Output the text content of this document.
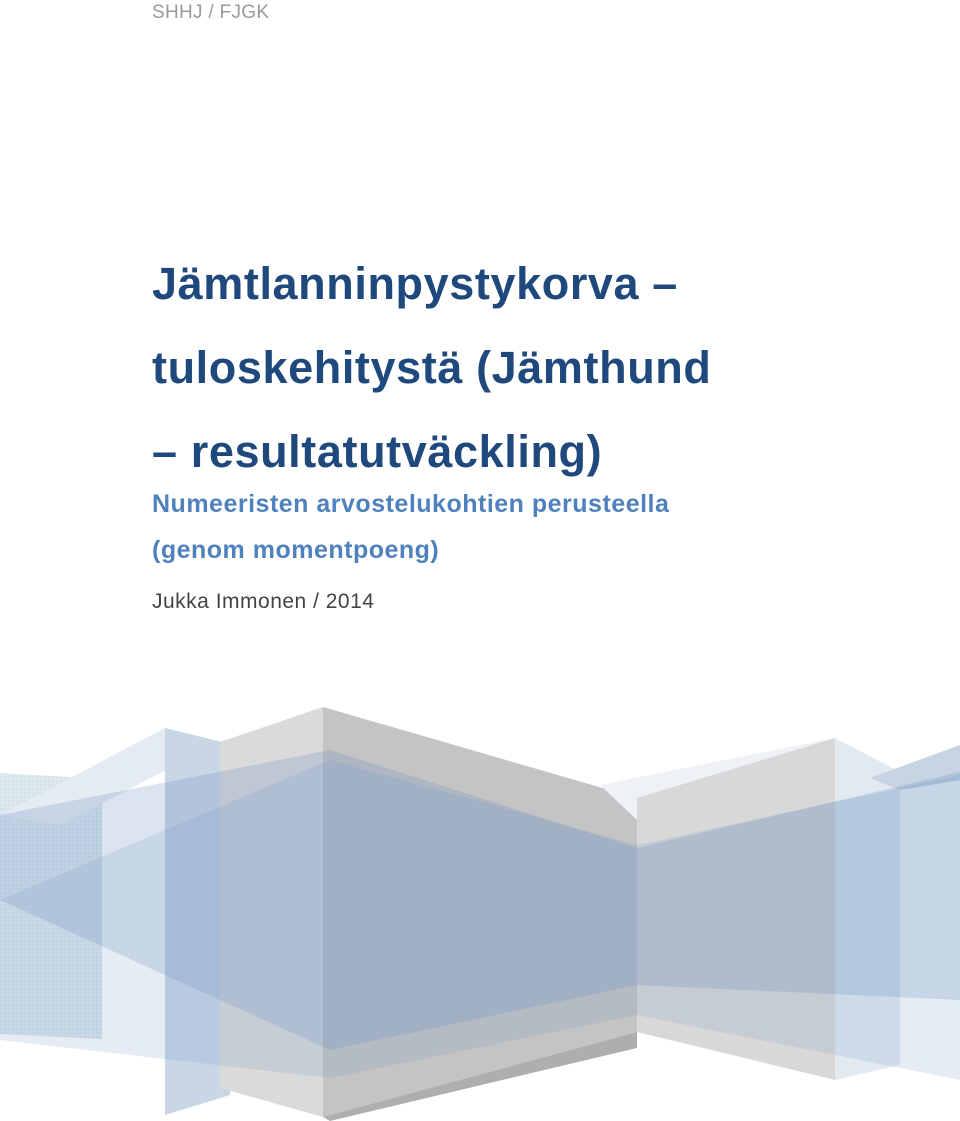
SHHJ / FJGK
Jämtlanninpystykorva –
tuloskehitystä (Jämthund
– resultatutväckling)
Numeeristen arvostelukohtien perusteella
(genom momentpoeng)
Jukka Immonen / 2014
